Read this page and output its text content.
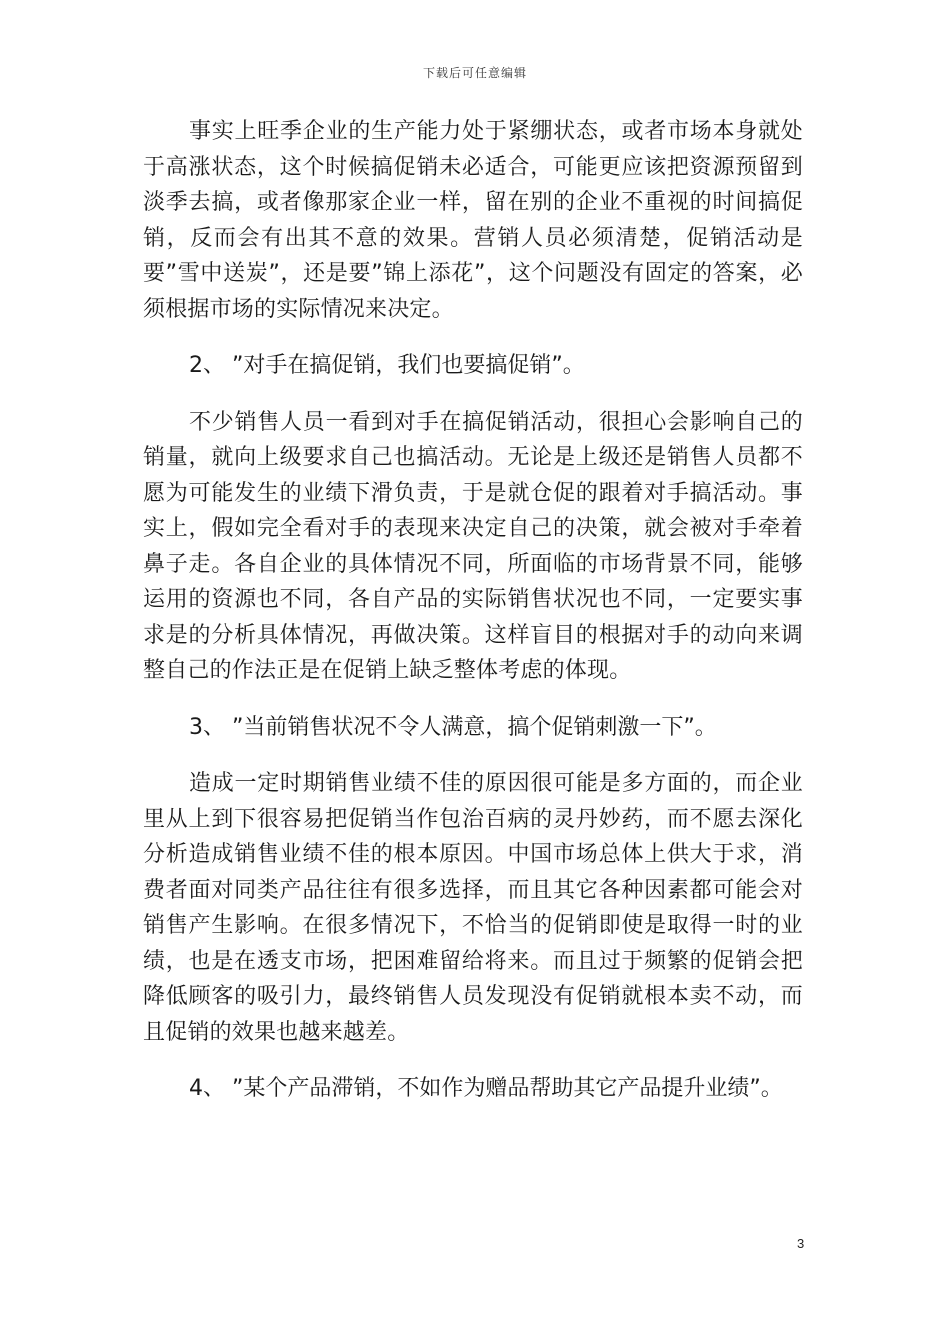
下载后可任意编辑

事实上旺季企业的生产能力处于紧绷状态，或者市场本身就处于高涨状态，这个时候搞促销未必适合，可能更应该把资源预留到淡季去搞，或者像那家企业一样，留在别的企业不重视的时间搞促销，反而会有出其不意的效果。营销人员必须清楚，促销活动是要”雪中送炭”，还是要”锦上添花”，这个问题没有固定的答案，必须根据市场的实际情况来决定。

2、 ”对手在搞促销，我们也要搞促销”。

不少销售人员一看到对手在搞促销活动，很担心会影响自己的销量，就向上级要求自己也搞活动。无论是上级还是销售人员都不愿为可能发生的业绩下滑负责，于是就仓促的跟着对手搞活动。事实上，假如完全看对手的表现来决定自己的决策，就会被对手牵着鼻子走。各自企业的具体情况不同，所面临的市场背景不同，能够运用的资源也不同，各自产品的实际销售状况也不同，一定要实事求是的分析具体情况，再做决策。这样盲目的根据对手的动向来调整自己的作法正是在促销上缺乏整体考虑的体现。

3、 ”当前销售状况不令人满意，搞个促销刺激一下”。

造成一定时期销售业绩不佳的原因很可能是多方面的，而企业里从上到下很容易把促销当作包治百病的灵丹妙药，而不愿去深化分析造成销售业绩不佳的根本原因。中国市场总体上供大于求，消费者面对同类产品往往有很多选择，而且其它各种因素都可能会对销售产生影响。在很多情况下，不恰当的促销即使是取得一时的业绩，也是在透支市场，把困难留给将来。而且过于频繁的促销会把降低顾客的吸引力，最终销售人员发现没有促销就根本卖不动，而且促销的效果也越来越差。

4、 ”某个产品滞销，不如作为赠品帮助其它产品提升业绩”。

3
